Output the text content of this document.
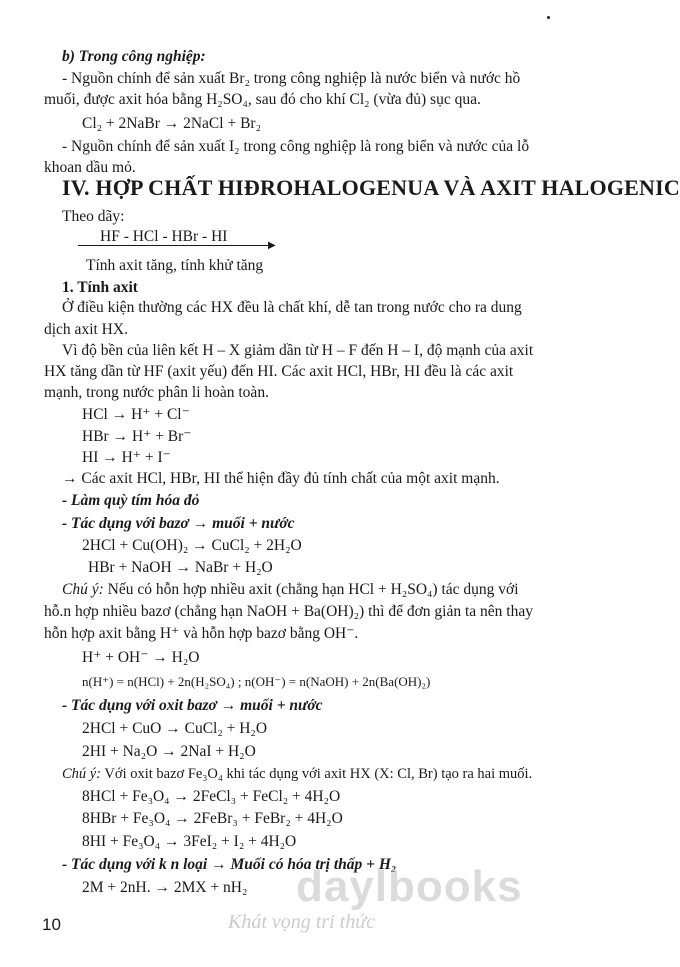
b) Trong công nghiệp:
- Nguồn chính để sản xuất Br₂ trong công nghiệp là nước biển và nước hồ
muối, được axit hóa bằng H₂SO₄, sau đó cho khí Cl₂ (vừa đủ) sục qua.
Cl₂ + 2NaBr → 2NaCl + Br₂
- Nguồn chính để sản xuất I₂ trong công nghiệp là rong biển và nước của lỗ
khoan dầu mỏ.
IV. HỢP CHẤT HIĐROHALOGENUA VÀ AXIT HALOGENIC
Theo dãy:
HF - HCl - HBr - HI	▶
Tính axit tăng, tính khử tăng
1. Tính axit
Ở điều kiện thường các HX đều là chất khí, dễ tan trong nước cho ra dung
dịch axit HX.
Vì độ bền của liên kết H – X giảm dần từ H – F đến H – I, độ mạnh của axit
HX tăng dần từ HF (axit yếu) đến HI. Các axit HCl, HBr, HI đều là các axit
mạnh, trong nước phân li hoàn toàn.
HCl → H⁺ + Cl⁻
HBr → H⁺ + Br⁻
HI → H⁺ + I⁻
→ Các axit HCl, HBr, HI thể hiện đầy đủ tính chất của một axit mạnh.
- Làm quỳ tím hóa đỏ
- Tác dụng với bazơ → muối + nước
2HCl + Cu(OH)₂ → CuCl₂ + 2H₂O
HBr + NaOH → NaBr + H₂O
Chú ý: Nếu có hỗn hợp nhiều axit (chẳng hạn HCl + H₂SO₄) tác dụng với
hỗ.n hợp nhiều bazơ (chẳng hạn NaOH + Ba(OH)₂) thì để đơn giản ta nên thay
hỗn hợp axit bằng H⁺ và hỗn hợp bazơ bằng OH⁻.
H⁺ + OH⁻ → H₂O
n(H⁺) = n(HCl) + 2n(H₂SO₄) ; n(OH⁻) = n(NaOH) + 2n(Ba(OH)₂)
- Tác dụng với oxit bazơ → muối + nước
2HCl + CuO → CuCl₂ + H₂O
2HI + Na₂O → 2NaI + H₂O
Chú ý: Với oxit bazơ Fe₃O₄ khi tác dụng với axit HX (X: Cl, Br) tạo ra hai muối.
8HCl + Fe₃O₄ → 2FeCl₃ + FeCl₂ + 4H₂O
8HBr + Fe₃O₄ → 2FeBr₃ + FeBr₂ + 4H₂O
8HI + Fe₃O₄ → 3FeI₂ + I₂ + 4H₂O
- Tác dụng với k n loại → Muối có hóa trị thấp + H₂
2M + 2nH. → 2MX + nH₂ daylbooks
Khát vọng tri thức
10
